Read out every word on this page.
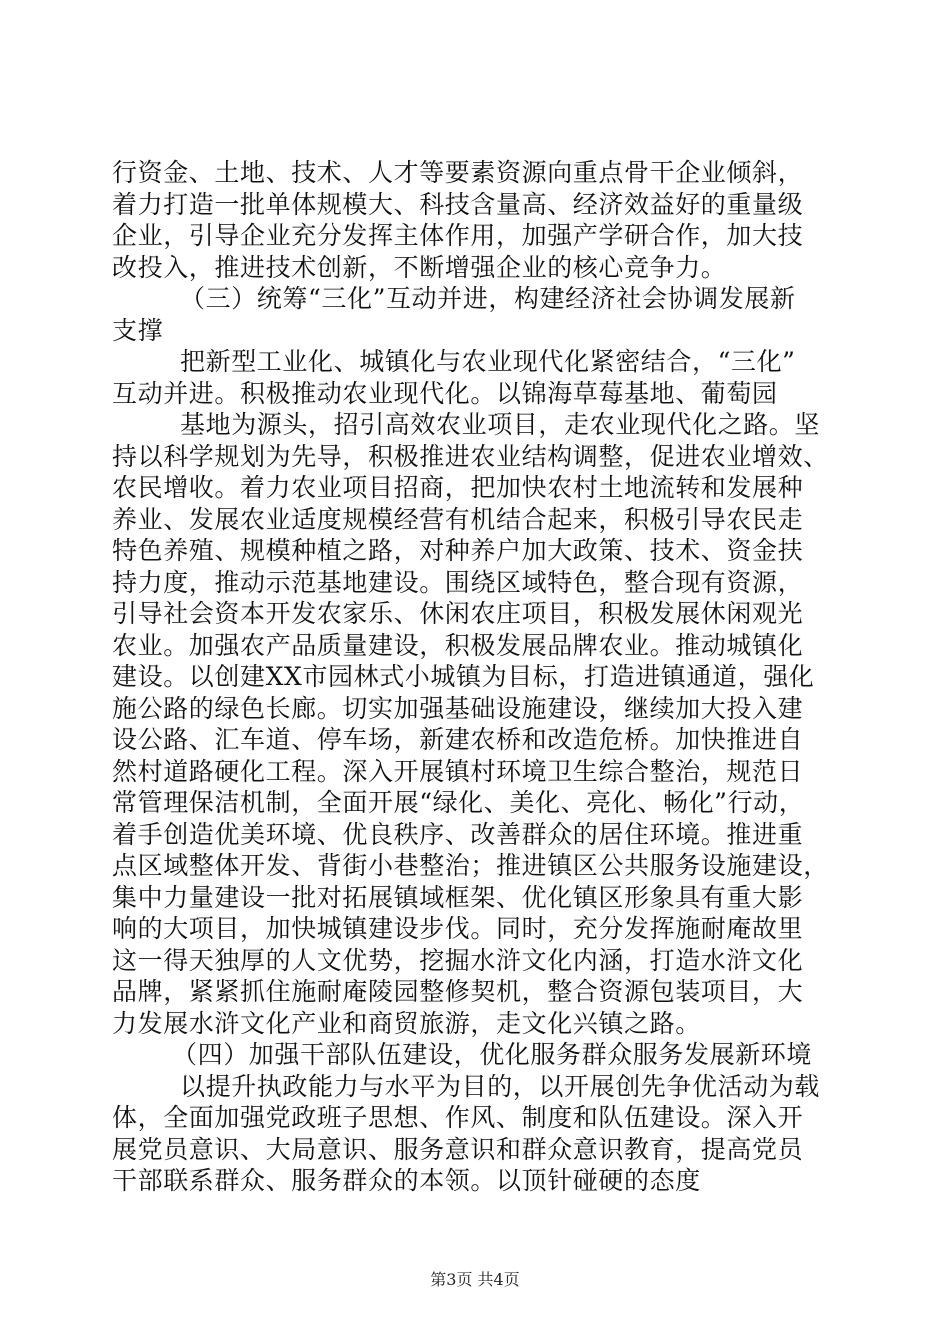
行资金、土地、技术、人才等要素资源向重点骨干企业倾斜，
着力打造一批单体规模大、科技含量高、经济效益好的重量级
企业，引导企业充分发挥主体作用，加强产学研合作，加大技
改投入，推进技术创新，不断增强企业的核心竞争力。
（三）统筹“三化”互动并进，构建经济社会协调发展新
支撑
把新型工业化、城镇化与农业现代化紧密结合，“三化”
互动并进。积极推动农业现代化。以锦海草莓基地、葡萄园
基地为源头，招引高效农业项目，走农业现代化之路。坚
持以科学规划为先导，积极推进农业结构调整，促进农业增效、
农民增收。着力农业项目招商，把加快农村土地流转和发展种
养业、发展农业适度规模经营有机结合起来，积极引导农民走
特色养殖、规模种植之路，对种养户加大政策、技术、资金扶
持力度，推动示范基地建设。围绕区域特色，整合现有资源，
引导社会资本开发农家乐、休闲农庄项目，积极发展休闲观光
农业。加强农产品质量建设，积极发展品牌农业。推动城镇化
建设。以创建XX市园林式小城镇为目标，打造进镇通道，强化
施公路的绿色长廊。切实加强基础设施建设，继续加大投入建
设公路、汇车道、停车场，新建农桥和改造危桥。加快推进自
然村道路硬化工程。深入开展镇村环境卫生综合整治，规范日
常管理保洁机制，全面开展“绿化、美化、亮化、畅化”行动，
着手创造优美环境、优良秩序、改善群众的居住环境。推进重
点区域整体开发、背街小巷整治；推进镇区公共服务设施建设，
集中力量建设一批对拓展镇域框架、优化镇区形象具有重大影
响的大项目，加快城镇建设步伐。同时，充分发挥施耐庵故里
这一得天独厚的人文优势，挖掘水浒文化内涵，打造水浒文化
品牌，紧紧抓住施耐庵陵园整修契机，整合资源包装项目，大
力发展水浒文化产业和商贸旅游，走文化兴镇之路。
（四）加强干部队伍建设，优化服务群众服务发展新环境
以提升执政能力与水平为目的，以开展创先争优活动为载
体，全面加强党政班子思想、作风、制度和队伍建设。深入开
展党员意识、大局意识、服务意识和群众意识教育，提高党员
干部联系群众、服务群众的本领。以顶针碰硬的态度
第3页 共4页
